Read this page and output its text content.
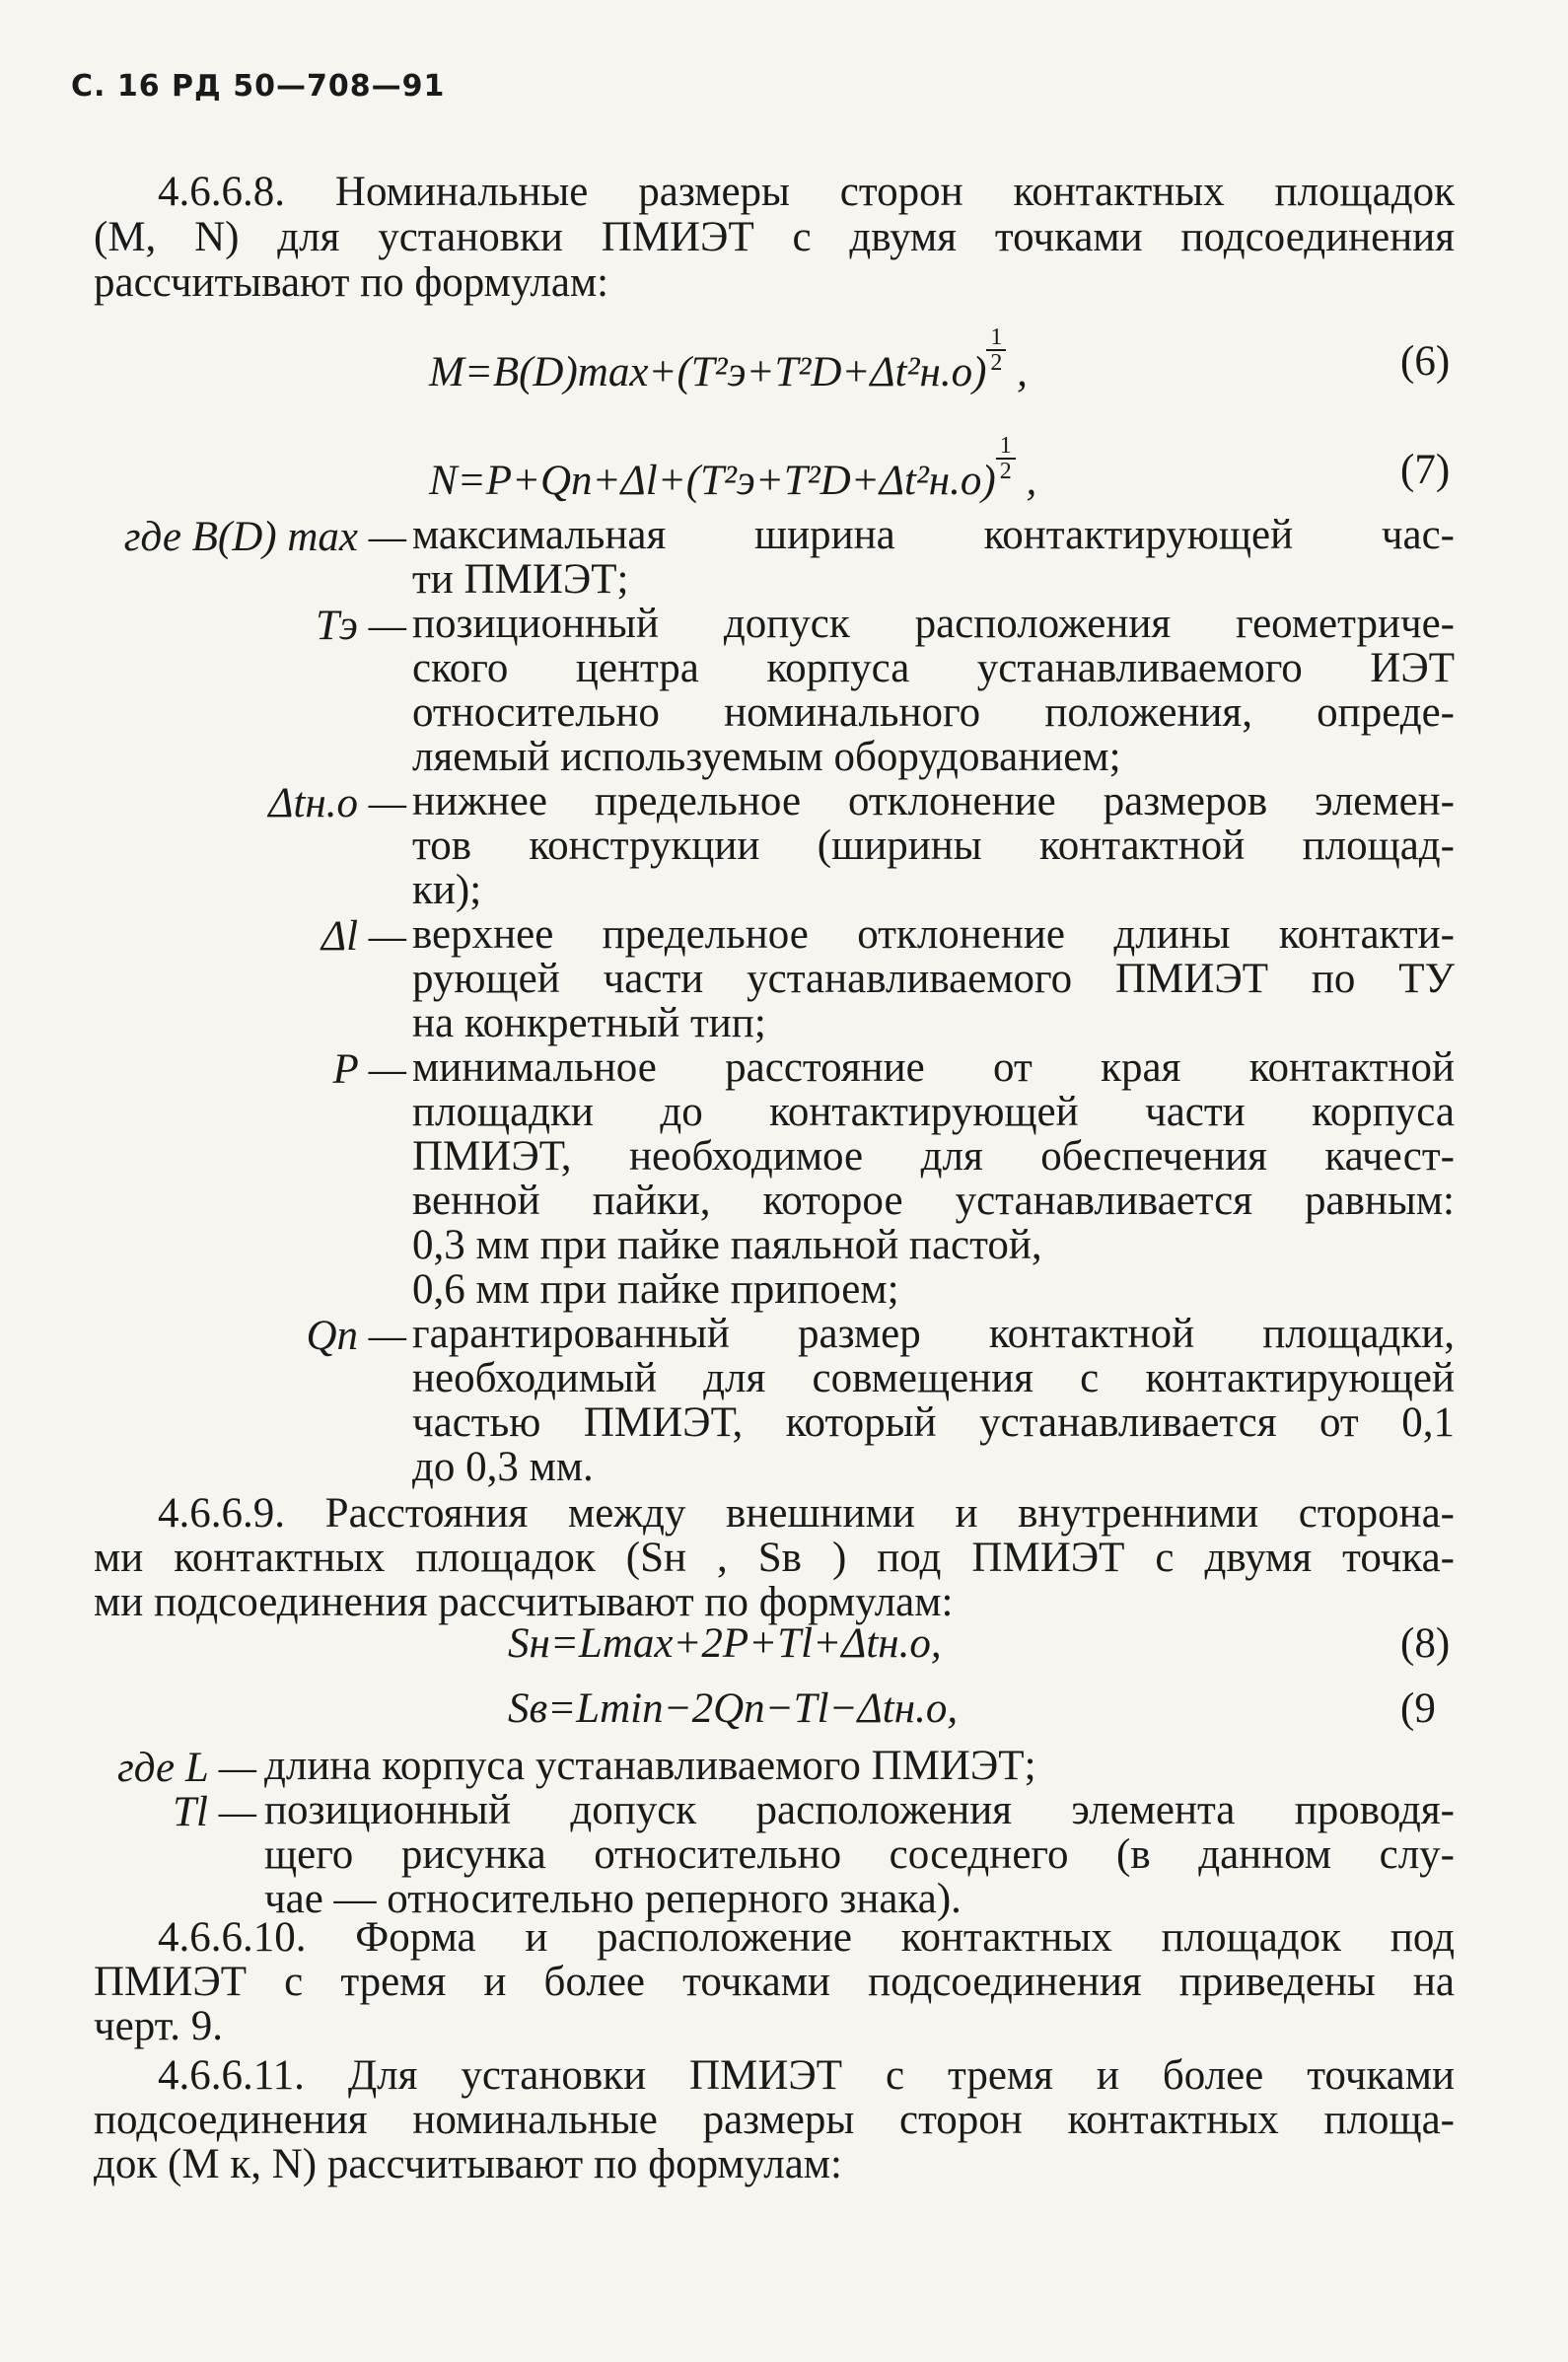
С. 16 РД 50—708—91
4.6.6.8. Номинальные размеры сторон контактных площадок
(M, N) для установки ПМИЭТ с двумя точками подсоединения
рассчитывают по формулам:
$M=B(D)\max+(T^2э+T^2D+\Delta t^2н.о) \frac{1}{2}$ ,	(6)
$N=P+Qп+\Delta l+(T^2э+T^2D+\Delta t^2н.о) \frac{1}{2}$ ,	(7)
где B(D) max — максимальная ширина контактирующей час-
ти ПМИЭТ;
Tэ — позиционный допуск расположения геометриче-
ского центра корпуса устанавливаемого ИЭТ
относительно номинального положения, опреде-
ляемый используемым оборудованием;
Δtн.о — нижнее предельное отклонение размеров элемен-
тов конструкции (ширины контактной площад-
ки);
Δl — верхнее предельное отклонение длины контакти-
рующей части устанавливаемого ПМИЭТ по ТУ
на конкретный тип;
P — минимальное расстояние от края контактной
площадки до контактирующей части корпуса
ПМИЭТ, необходимое для обеспечения качест-
венной пайки, которое устанавливается равным:
0,3 мм при пайке паяльной пастой,
0,6 мм при пайке припоем;
Qп — гарантированный размер контактной площадки,
необходимый для совмещения с контактирующей
частью ПМИЭТ, который устанавливается от 0,1
до 0,3 мм.
4.6.6.9. Расстояния между внешними и внутренними сторона-
ми контактных площадок (Sн , Sв ) под ПМИЭТ с двумя точка-
ми подсоединения рассчитывают по формулам:
Sн=Lmax+2P+Tl+Δtн.о,	(8)
Sв=Lmin−2Qп−Tl−Δtн.о,	(9
где L — длина корпуса устанавливаемого ПМИЭТ;
Tl — позиционный допуск расположения элемента проводя-
щего рисунка относительно соседнего (в данном слу-
чае — относительно реперного знака).
4.6.6.10. Форма и расположение контактных площадок под
ПМИЭТ с тремя и более точками подсоединения приведены на
черт. 9.
4.6.6.11. Для установки ПМИЭТ с тремя и более точками
подсоединения номинальные размеры сторон контактных площа-
док (M к, N) рассчитывают по формулам:
